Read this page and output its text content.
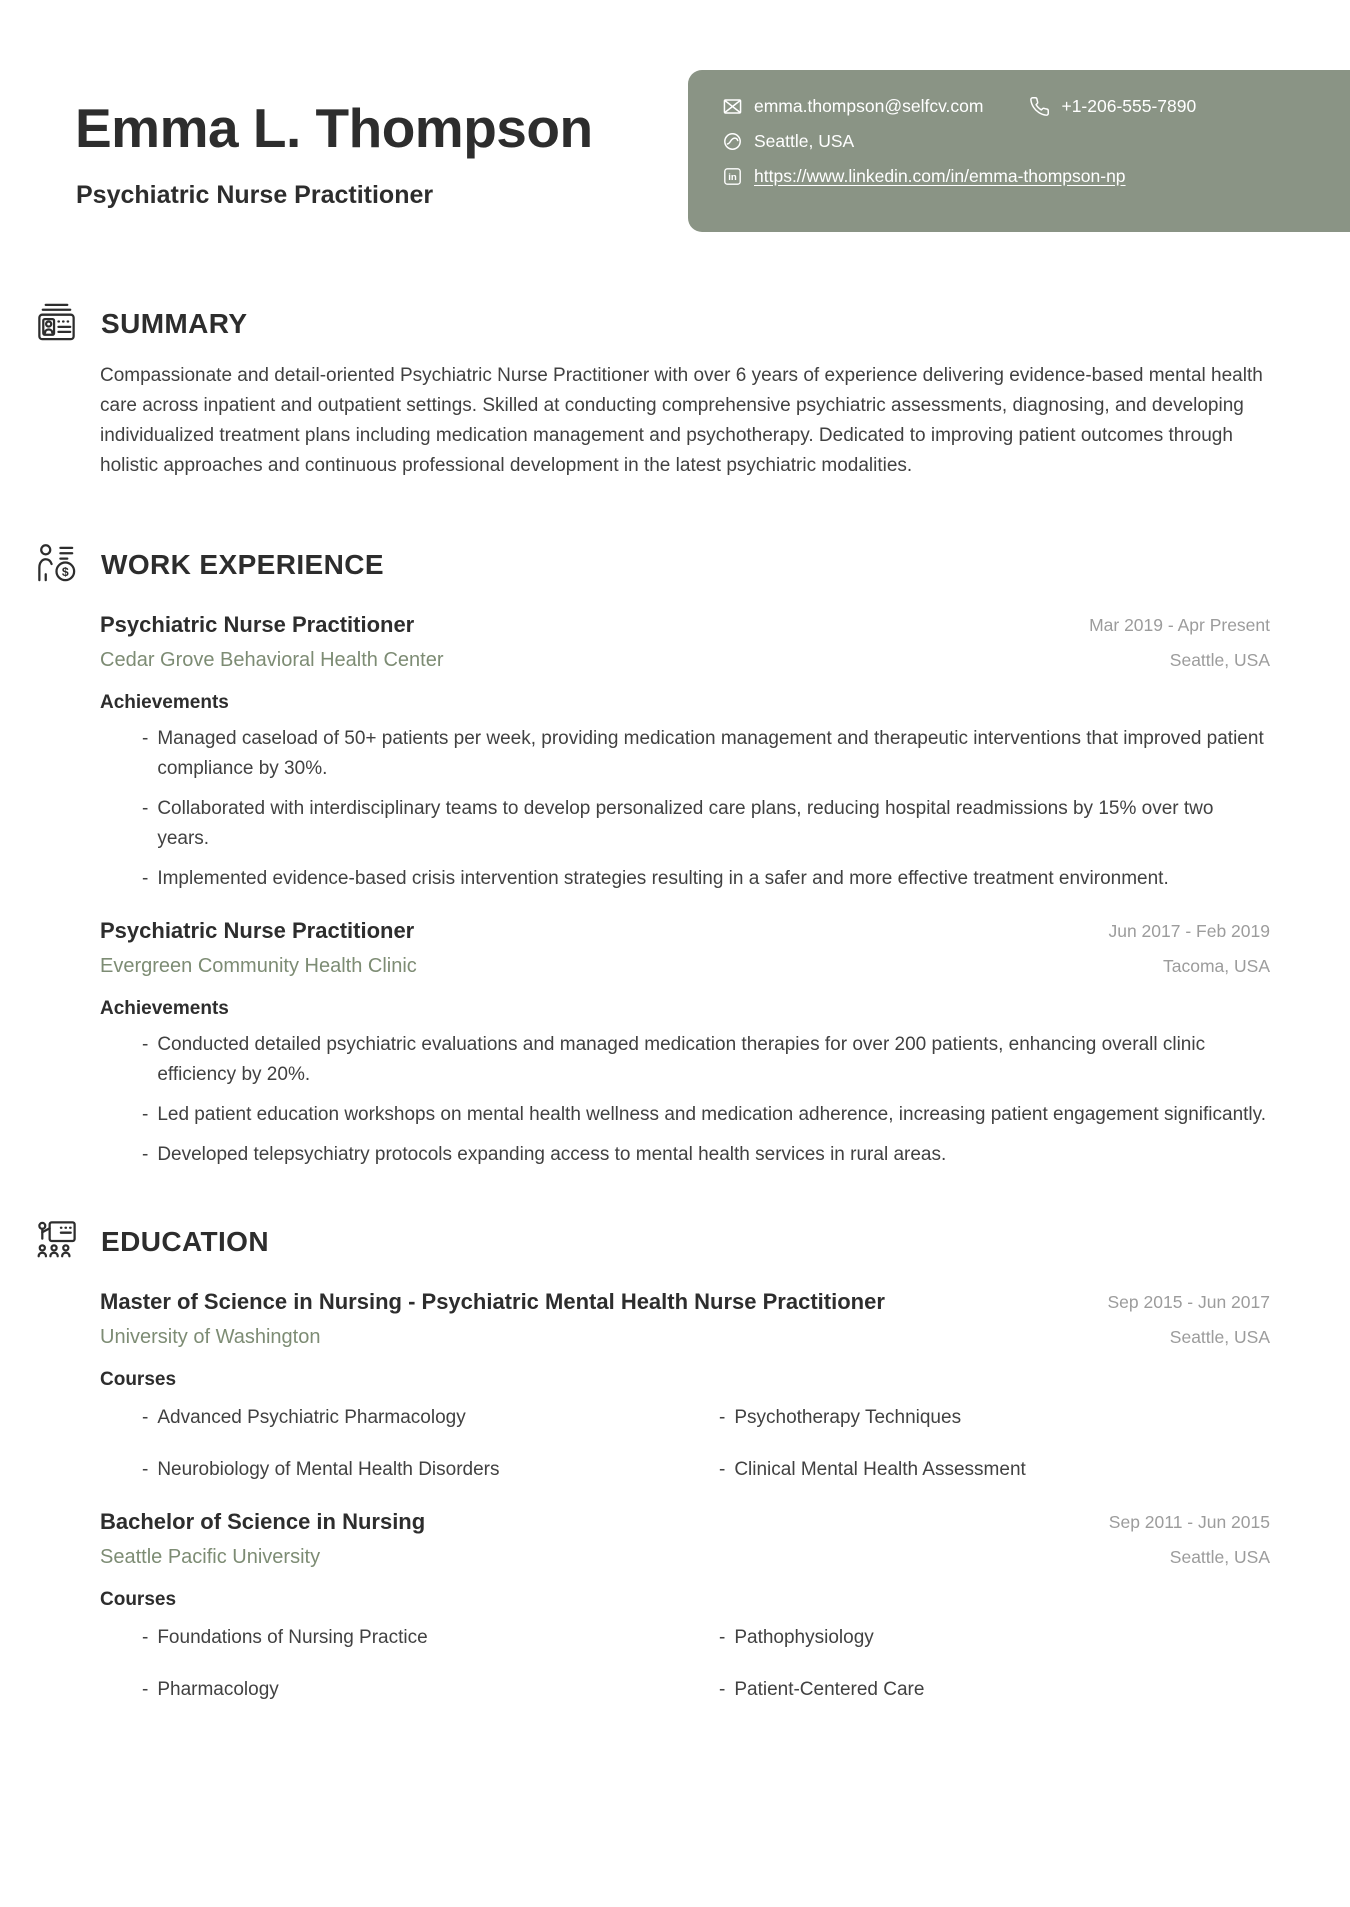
Emma L. Thompson
Psychiatric Nurse Practitioner
emma.thompson@selfcv.com	+1-206-555-7890
Seattle, USA
in https://www.linkedin.com/in/emma-thompson-np
SUMMARY

Compassionate and detail-oriented Psychiatric Nurse Practitioner with over 6 years of experience delivering evidence-based mental health care across inpatient and outpatient settings. Skilled at conducting comprehensive psychiatric assessments, diagnosing, and developing individualized treatment plans including medication management and psychotherapy. Dedicated to improving patient outcomes through holistic approaches and continuous professional development in the latest psychiatric modalities.

$ WORK EXPERIENCE
Psychiatric Nurse Practitioner
Cedar Grove Behavioral Health Center
Mar 2019 - Apr Present
Seattle, USA
Achievements
- Managed caseload of 50+ patients per week, providing medication management and therapeutic interventions that improved patient compliance by 30%.
- Collaborated with interdisciplinary teams to develop personalized care plans, reducing hospital readmissions by 15% over two years.
- Implemented evidence-based crisis intervention strategies resulting in a safer and more effective treatment environment.
Psychiatric Nurse Practitioner
Evergreen Community Health Clinic
Jun 2017 - Feb 2019
Tacoma, USA
Achievements
- Conducted detailed psychiatric evaluations and managed medication therapies for over 200 patients, enhancing overall clinic efficiency by 20%.
- Led patient education workshops on mental health wellness and medication adherence, increasing patient engagement significantly.
- Developed telepsychiatry protocols expanding access to mental health services in rural areas.
EDUCATION
Master of Science in Nursing - Psychiatric Mental Health Nurse Practitioner
University of Washington
Sep 2015 - Jun 2017
Seattle, USA
Courses
- Advanced Psychiatric Pharmacology	- Psychotherapy Techniques
- Neurobiology of Mental Health Disorders	- Clinical Mental Health Assessment
Bachelor of Science in Nursing
Seattle Pacific University
Sep 2011 - Jun 2015
Seattle, USA
Courses
- Foundations of Nursing Practice	- Pathophysiology
- Pharmacology	- Patient-Centered Care
